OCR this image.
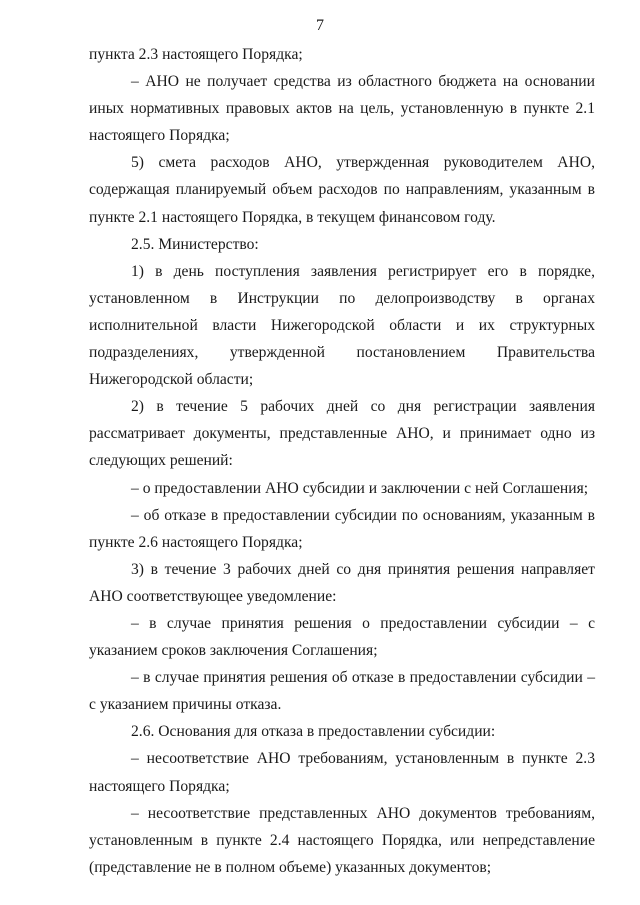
7

пункта 2.3 настоящего Порядка;

– АНО не получает средства из областного бюджета на основании иных нормативных правовых актов на цель, установленную в пункте 2.1 настоящего Порядка;

5) смета расходов АНО, утвержденная руководителем АНО, содержащая планируемый объем расходов по направлениям, указанным в пункте 2.1 настоящего Порядка, в текущем финансовом году.

2.5. Министерство:

1) в день поступления заявления регистрирует его в порядке, установленном в Инструкции по делопроизводству в органах исполнительной власти Нижегородской области и их структурных подразделениях, утвержденной постановлением Правительства Нижегородской области;

2) в течение 5 рабочих дней со дня регистрации заявления рассматривает документы, представленные АНО, и принимает одно из следующих решений:

– о предоставлении АНО субсидии и заключении с ней Соглашения;

– об отказе в предоставлении субсидии по основаниям, указанным в пункте 2.6 настоящего Порядка;

3) в течение 3 рабочих дней со дня принятия решения направляет АНО соответствующее уведомление:

– в случае принятия решения о предоставлении субсидии – с указанием сроков заключения Соглашения;

– в случае принятия решения об отказе в предоставлении субсидии – с указанием причины отказа.

2.6. Основания для отказа в предоставлении субсидии:

– несоответствие АНО требованиям, установленным в пункте 2.3 настоящего Порядка;

– несоответствие представленных АНО документов требованиям, установленным в пункте 2.4 настоящего Порядка, или непредставление (представление не в полном объеме) указанных документов;
